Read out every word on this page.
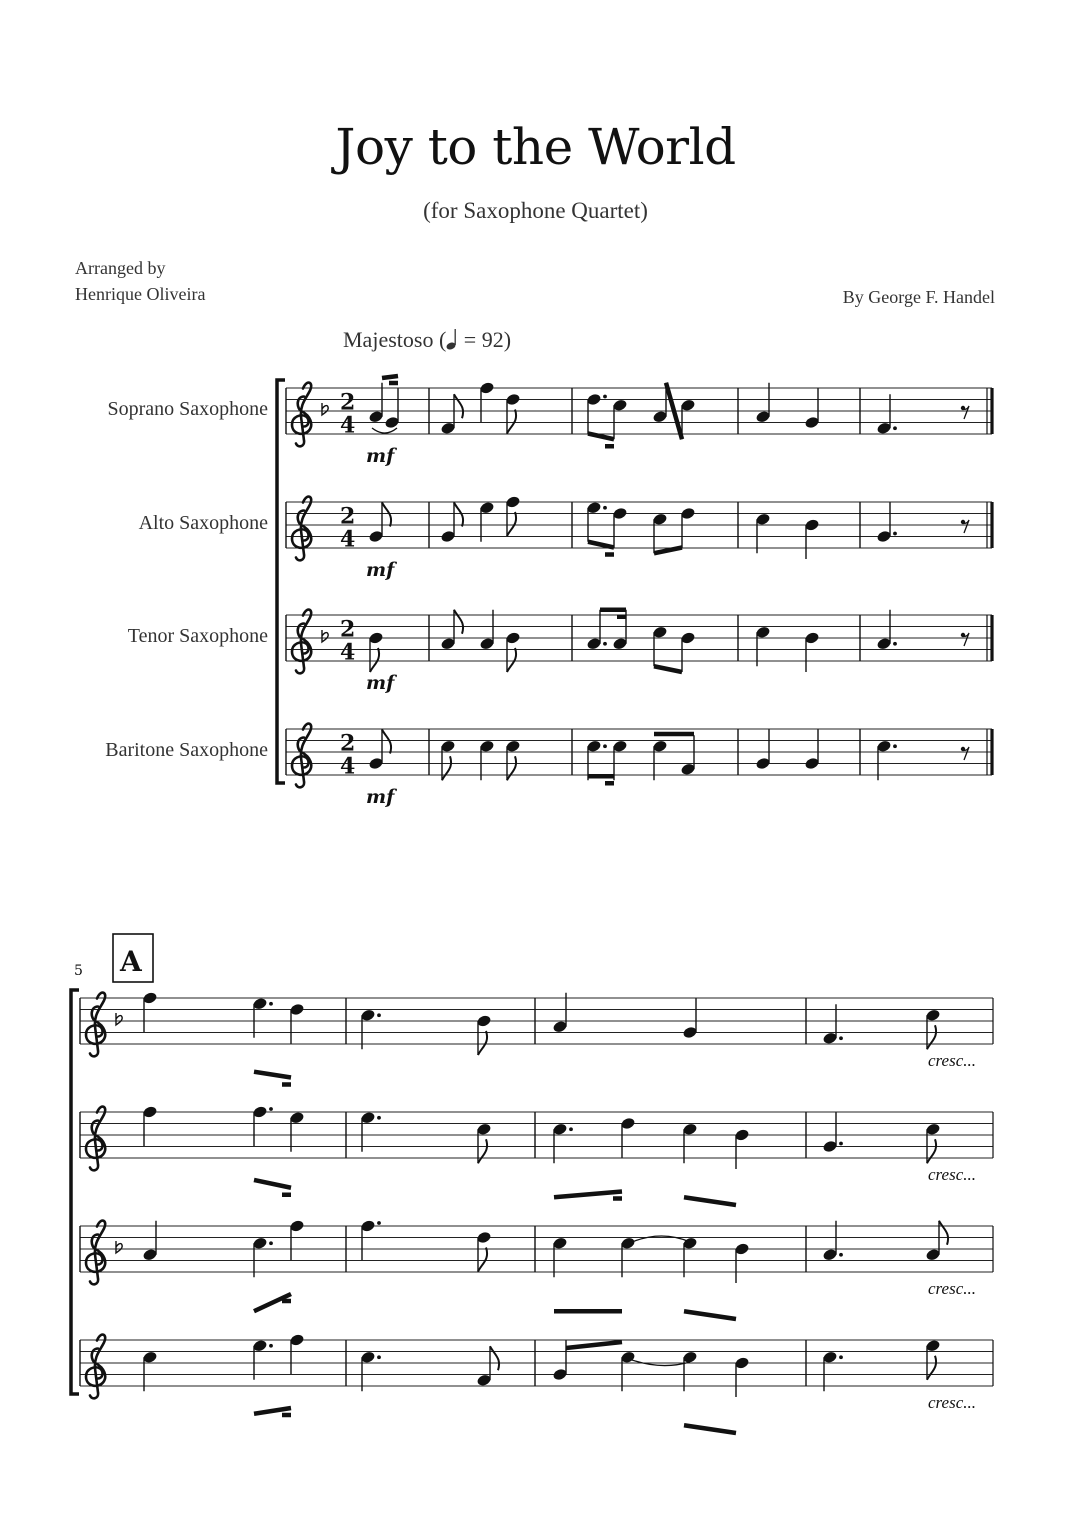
Joy to the World
(for Saxophone Quartet)
Arranged by
Henrique Oliveira	By George F. Handel
Majestoso ( = 92)
Soprano Saxophone
Alto Saxophone
Tenor Saxophone
Baritone Saxophone
2
4
mf
2
4
mf
2
4
mf
2
4
mf
5 A
cresc...
cresc...
cresc...
cresc...
